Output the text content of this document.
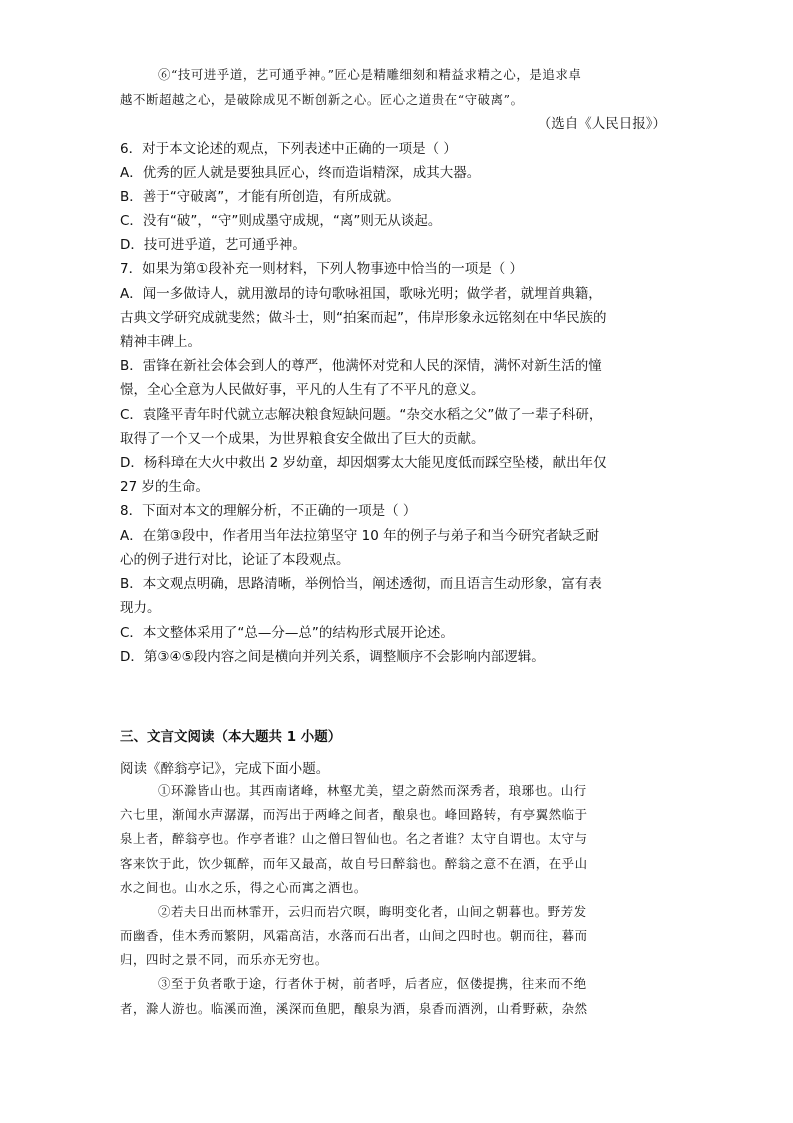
⑥“技可进乎道，艺可通乎神。”匠心是精雕细刻和精益求精之心，是追求卓
越不断超越之心，是破除成见不断创新之心。匠心之道贵在“守破离”。
（选自《人民日报》）
6．对于本文论述的观点，下列表述中正确的一项是（ ）
A．优秀的匠人就是要独具匠心，终而造诣精深，成其大器。
B．善于“守破离”，才能有所创造，有所成就。
C．没有“破”，“守”则成墨守成规，“离”则无从谈起。
D．技可进乎道，艺可通乎神。
7．如果为第①段补充一则材料，下列人物事迹中恰当的一项是（ ）
A．闻一多做诗人，就用激昂的诗句歌咏祖国，歌咏光明；做学者，就埋首典籍，
古典文学研究成就斐然；做斗士，则“拍案而起”，伟岸形象永远铭刻在中华民族的
精神丰碑上。
B．雷锋在新社会体会到人的尊严，他满怀对党和人民的深情，满怀对新生活的憧
憬，全心全意为人民做好事，平凡的人生有了不平凡的意义。
C．袁隆平青年时代就立志解决粮食短缺问题。“杂交水稻之父”做了一辈子科研，
取得了一个又一个成果，为世界粮食安全做出了巨大的贡献。
D．杨科璋在大火中救出 2 岁幼童，却因烟雾太大能见度低而踩空坠楼，献出年仅
27 岁的生命。
8．下面对本文的理解分析，不正确的一项是（ ）
A．在第③段中，作者用当年法拉第坚守 10 年的例子与弟子和当今研究者缺乏耐
心的例子进行对比，论证了本段观点。
B．本文观点明确，思路清晰，举例恰当，阐述透彻，而且语言生动形象，富有表
现力。
C．本文整体采用了“总—分—总”的结构形式展开论述。
D．第③④⑤段内容之间是横向并列关系，调整顺序不会影响内部逻辑。
三、文言文阅读（本大题共 1 小题）
阅读《醉翁亭记》，完成下面小题。
①环滁皆山也。其西南诸峰，林壑尤美，望之蔚然而深秀者，琅琊也。山行
六七里，渐闻水声潺潺，而泻出于两峰之间者，酿泉也。峰回路转，有亭翼然临于
泉上者，醉翁亭也。作亭者谁？山之僧曰智仙也。名之者谁？太守自谓也。太守与
客来饮于此，饮少辄醉，而年又最高，故自号曰醉翁也。醉翁之意不在酒，在乎山
水之间也。山水之乐，得之心而寓之酒也。
②若夫日出而林霏开，云归而岩穴暝，晦明变化者，山间之朝暮也。野芳发
而幽香，佳木秀而繁阴，风霜高洁，水落而石出者，山间之四时也。朝而往，暮而
归，四时之景不同，而乐亦无穷也。
③至于负者歌于途，行者休于树，前者呼，后者应，伛偻提携，往来而不绝
者，滁人游也。临溪而渔，溪深而鱼肥，酿泉为酒，泉香而酒洌，山肴野蔌，杂然
